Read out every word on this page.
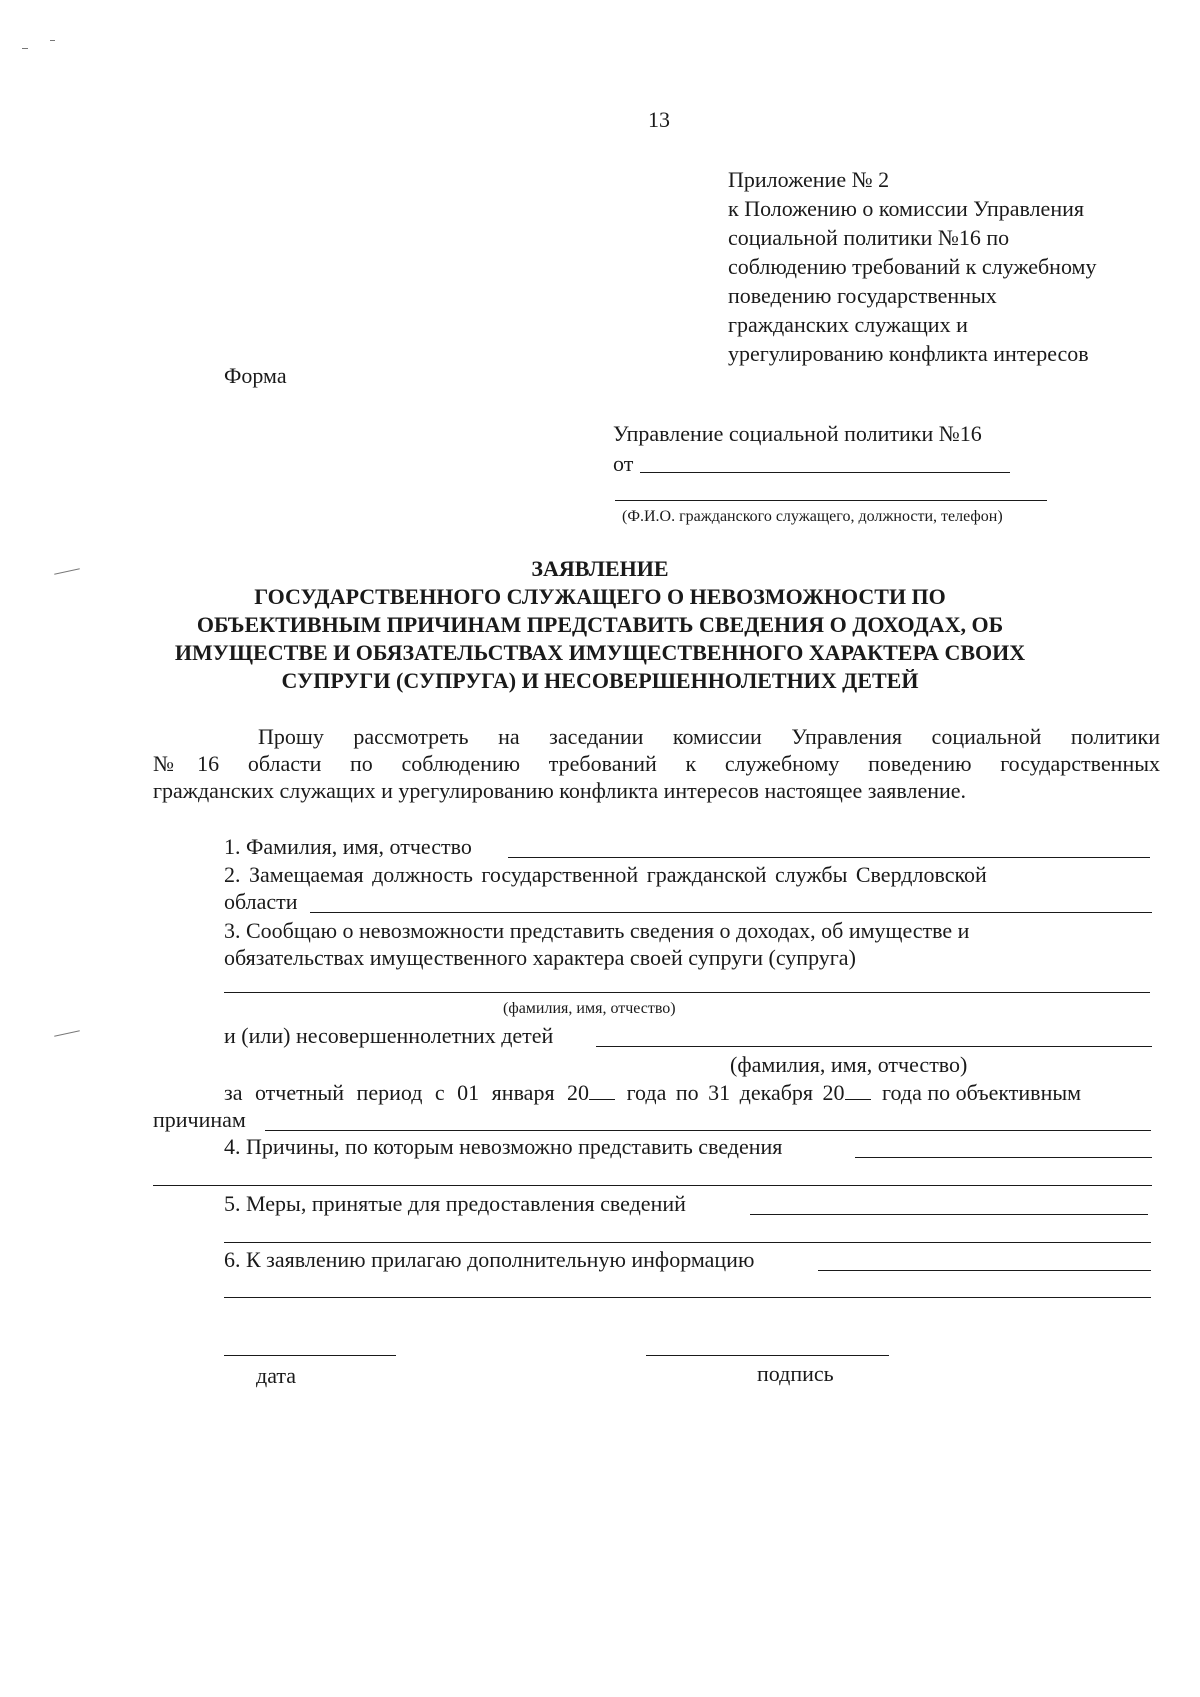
13
Приложение № 2
к Положению о комиссии Управления
социальной политики №16 по
соблюдению требований к служебному
поведению государственных
гражданских служащих и
урегулированию конфликта интересов
Форма
Управление социальной политики №16
от
(Ф.И.О. гражданского служащего, должности, телефон)
ЗАЯВЛЕНИЕ
ГОСУДАРСТВЕННОГО СЛУЖАЩЕГО О НЕВОЗМОЖНОСТИ ПО
ОБЪЕКТИВНЫМ ПРИЧИНАМ ПРЕДСТАВИТЬ СВЕДЕНИЯ О ДОХОДАХ, ОБ
ИМУЩЕСТВЕ И ОБЯЗАТЕЛЬСТВАХ ИМУЩЕСТВЕННОГО ХАРАКТЕРА СВОИХ
СУПРУГИ (СУПРУГА) И НЕСОВЕРШЕННОЛЕТНИХ ДЕТЕЙ
Прошу рассмотреть на заседании комиссии Управления социальной политики
№16 области по соблюдению требований к служебному поведению государственных
гражданских служащих и урегулированию конфликта интересов настоящее заявление.
1. Фамилия, имя, отчество
2. Замещаемая должность государственной гражданской службы Свердловской
области
3. Сообщаю о невозможности представить сведения о доходах, об имуществе и
обязательствах имущественного характера своей супруги (супруга)
(фамилия, имя, отчество)
и (или) несовершеннолетних детей
(фамилия, имя, отчество)
за отчетный период с 01 января 20 года по 31 декабря 20 года по объективным
причинам
4. Причины, по которым невозможно представить сведения
5. Меры, принятые для предоставления сведений
6. К заявлению прилагаю дополнительную информацию
дата	подпись
